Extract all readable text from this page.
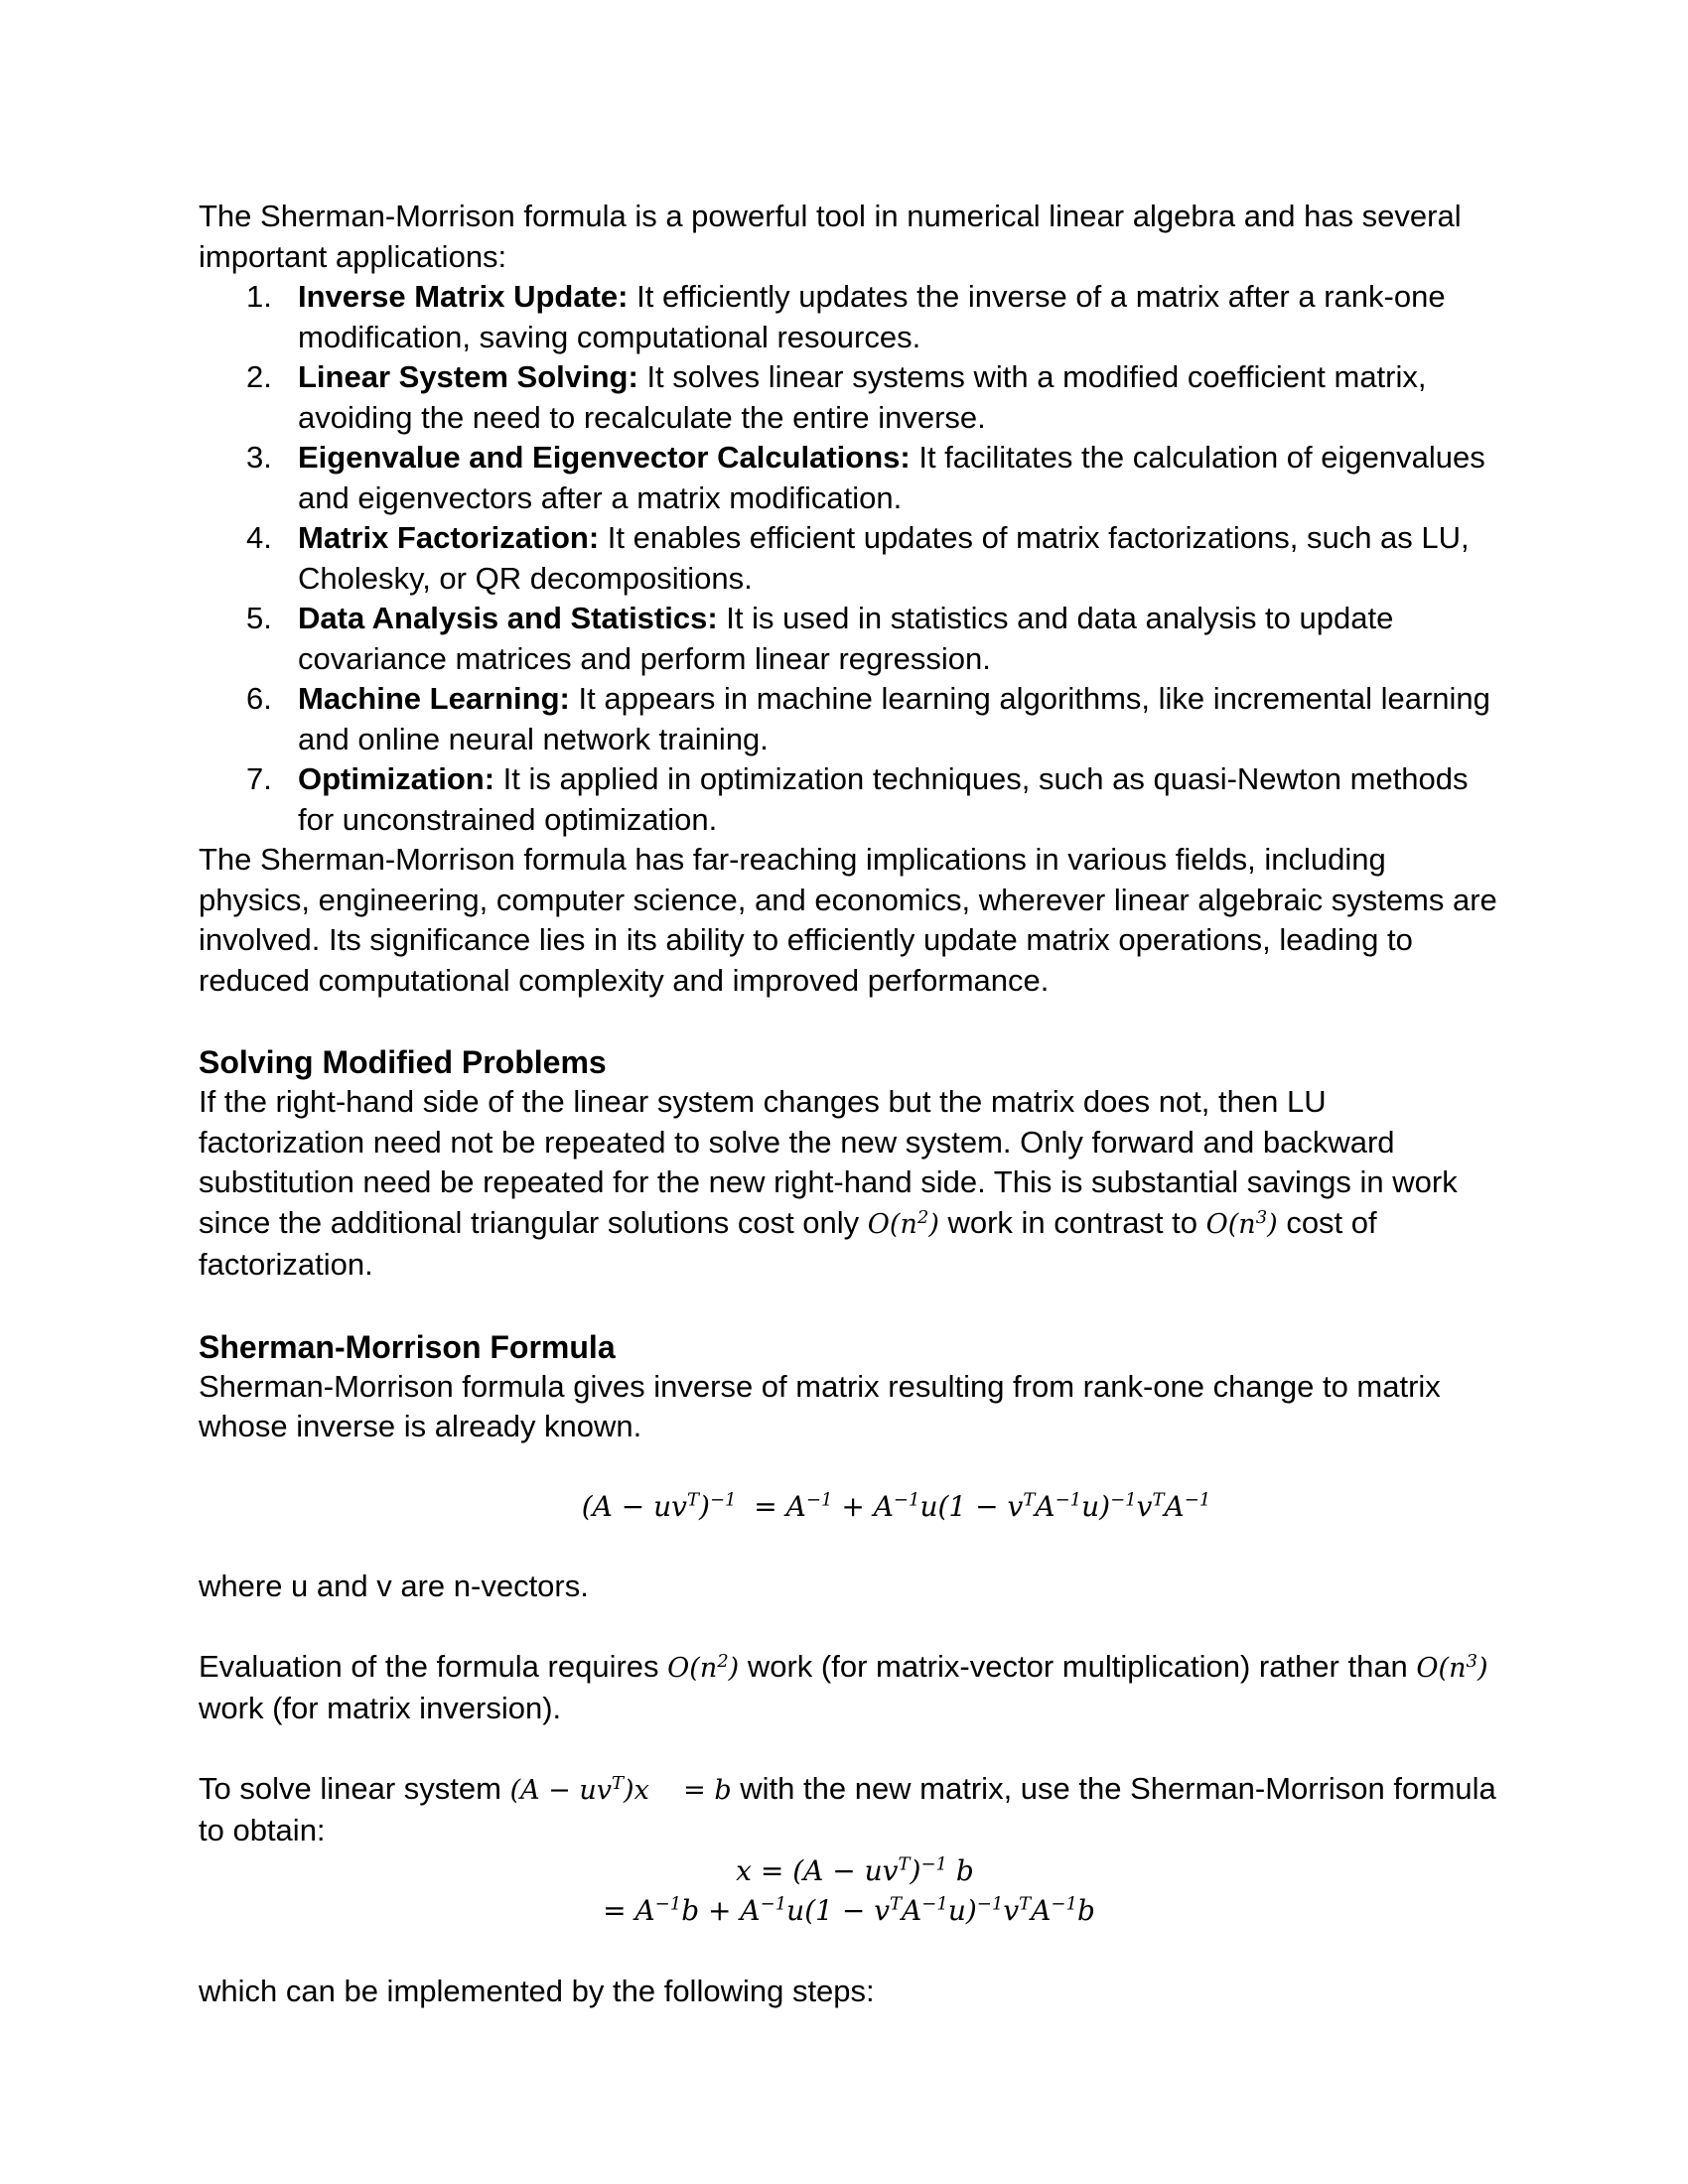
The Sherman-Morrison formula is a powerful tool in numerical linear algebra and has several important applications:

1. Inverse Matrix Update: It efficiently updates the inverse of a matrix after a rank-one modification, saving computational resources.
2. Linear System Solving: It solves linear systems with a modified coefficient matrix, avoiding the need to recalculate the entire inverse.
3. Eigenvalue and Eigenvector Calculations: It facilitates the calculation of eigenvalues and eigenvectors after a matrix modification.
4. Matrix Factorization: It enables efficient updates of matrix factorizations, such as LU, Cholesky, or QR decompositions.
5. Data Analysis and Statistics: It is used in statistics and data analysis to update covariance matrices and perform linear regression.
6. Machine Learning: It appears in machine learning algorithms, like incremental learning and online neural network training.
7. Optimization: It is applied in optimization techniques, such as quasi-Newton methods for unconstrained optimization.

The Sherman-Morrison formula has far-reaching implications in various fields, including physics, engineering, computer science, and economics, wherever linear algebraic systems are involved. Its significance lies in its ability to efficiently update matrix operations, leading to reduced computational complexity and improved performance.

Solving Modified Problems

If the right-hand side of the linear system changes but the matrix does not, then LU factorization need not be repeated to solve the new system. Only forward and backward substitution need be repeated for the new right-hand side. This is substantial savings in work since the additional triangular solutions cost only $O(n^2)$ work in contrast to $O(n^3)$ cost of factorization.

Sherman-Morrison Formula

Sherman-Morrison formula gives inverse of matrix resulting from rank-one change to matrix whose inverse is already known.

$(A - uv^T)^{-1} = A^{-1} + A^{-1}u(1 - v^TA^{-1}u)^{-1}v^TA^{-1}$

where u and v are n-vectors.

Evaluation of the formula requires $O(n^2)$ work (for matrix-vector multiplication) rather than $O(n^3)$ work (for matrix inversion).

To solve linear system $(A - uv^T)x$    = b with the new matrix, use the Sherman-Morrison formula to obtain:

$x = (A - uv^T)^{-1}$ b
= $A^{-1}b + A^{-1}u(1 - v^TA^{-1}u)^{-1}v^TA^{-1}b$

which can be implemented by the following steps:
